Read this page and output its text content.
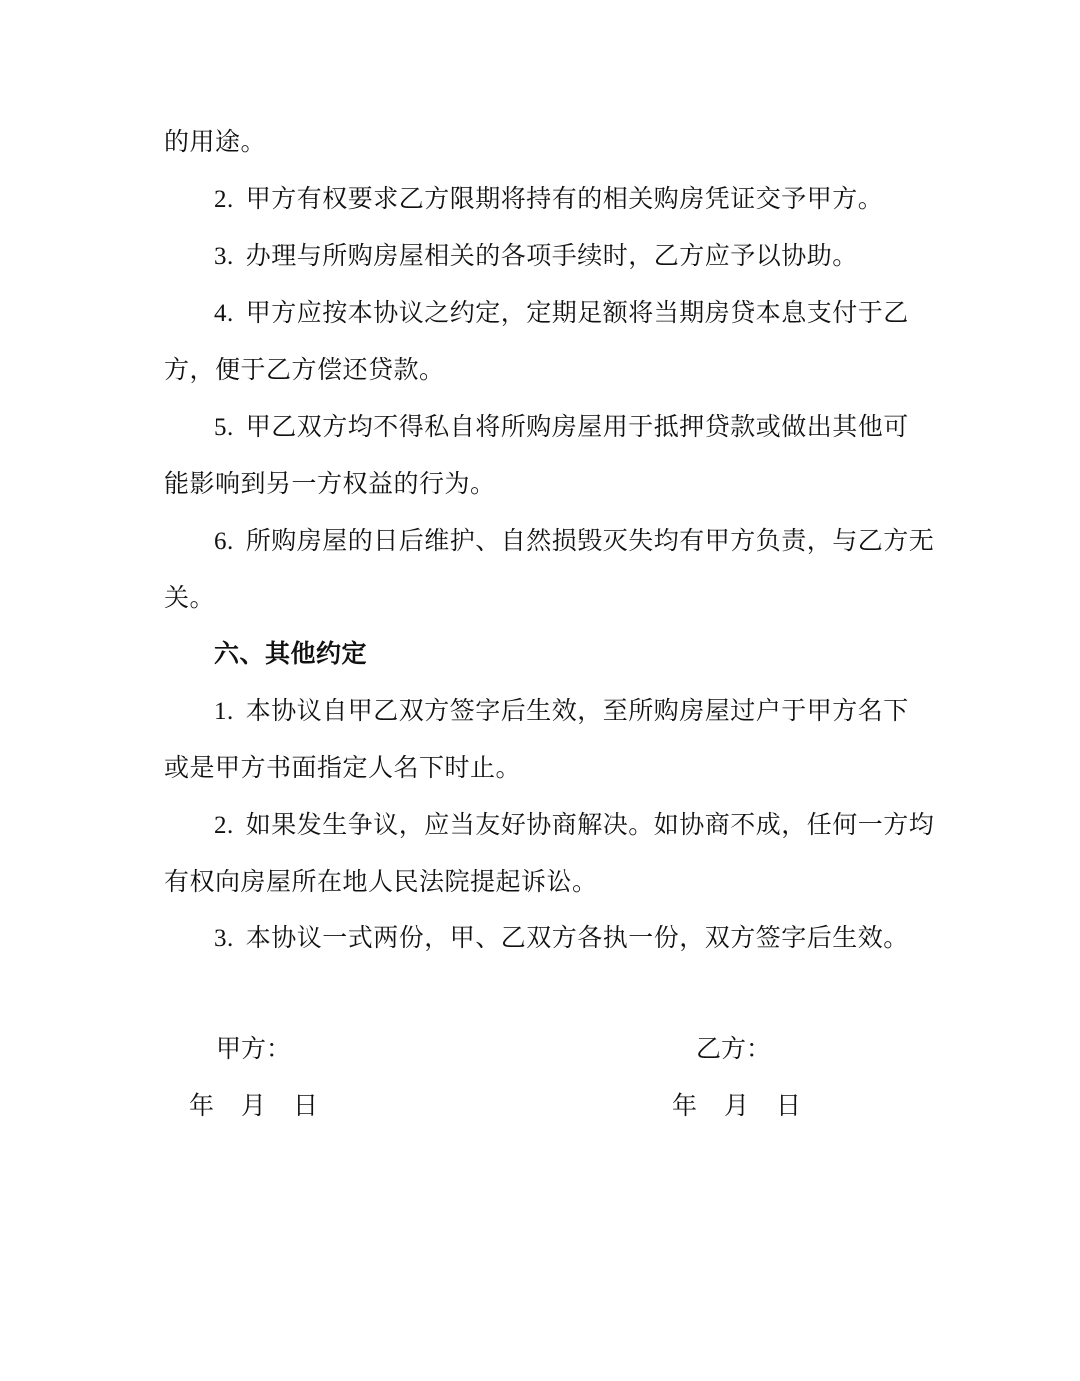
的用途。
2. 甲方有权要求乙方限期将持有的相关购房凭证交予甲方。
3. 办理与所购房屋相关的各项手续时，乙方应予以协助。
4. 甲方应按本协议之约定，定期足额将当期房贷本息支付于乙
方，便于乙方偿还贷款。
5. 甲乙双方均不得私自将所购房屋用于抵押贷款或做出其他可
能影响到另一方权益的行为。
6. 所购房屋的日后维护、自然损毁灭失均有甲方负责，与乙方无
关。
六、其他约定
1. 本协议自甲乙双方签字后生效，至所购房屋过户于甲方名下
或是甲方书面指定人名下时止。
2. 如果发生争议，应当友好协商解决。如协商不成，任何一方均
有权向房屋所在地人民法院提起诉讼。
3. 本协议一式两份，甲、乙双方各执一份，双方签字后生效。
甲方：	乙方：
年 月 日	年 月 日
